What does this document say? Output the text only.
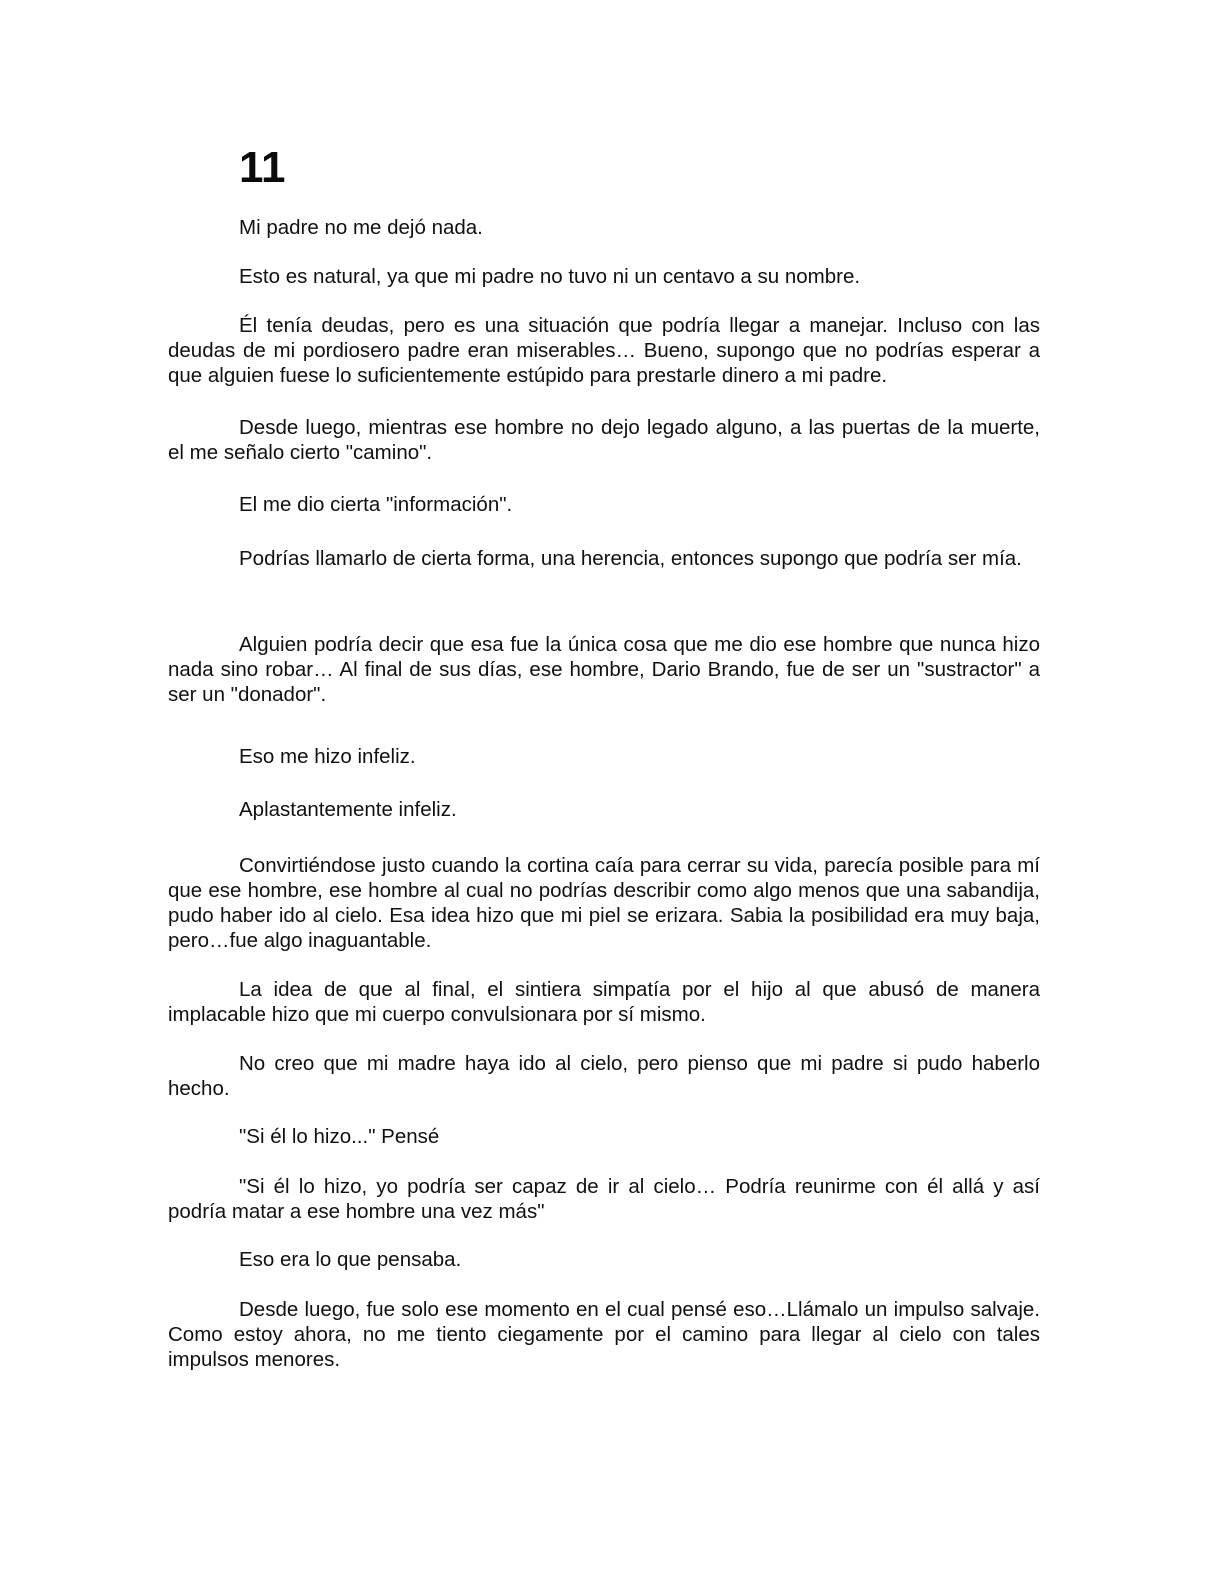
11

Mi padre no me dejó nada.

Esto es natural, ya que mi padre no tuvo ni un centavo a su nombre.

Él tenía deudas, pero es una situación que podría llegar a manejar. Incluso con las deudas de mi pordiosero padre eran miserables… Bueno, supongo que no podrías esperar a que alguien fuese lo suficientemente estúpido para prestarle dinero a mi padre.

Desde luego, mientras ese hombre no dejo legado alguno, a las puertas de la muerte, el me señalo cierto "camino".

El me dio cierta "información".

Podrías llamarlo de cierta forma, una herencia, entonces supongo que podría ser mía.

Alguien podría decir que esa fue la única cosa que me dio ese hombre que nunca hizo nada sino robar… Al final de sus días, ese hombre, Dario Brando, fue de ser un "sustractor" a ser un "donador".

Eso me hizo infeliz.

Aplastantemente infeliz.

Convirtiéndose justo cuando la cortina caía para cerrar su vida, parecía posible para mí que ese hombre, ese hombre al cual no podrías describir como algo menos que una sabandija, pudo haber ido al cielo. Esa idea hizo que mi piel se erizara. Sabia la posibilidad era muy baja, pero…fue algo inaguantable.

La idea de que al final, el sintiera simpatía por el hijo al que abusó de manera implacable hizo que mi cuerpo convulsionara por sí mismo.

No creo que mi madre haya ido al cielo, pero pienso que mi padre si pudo haberlo hecho.

"Si él lo hizo..." Pensé

"Si él lo hizo, yo podría ser capaz de ir al cielo… Podría reunirme con él allá y así podría matar a ese hombre una vez más"

Eso era lo que pensaba.

Desde luego, fue solo ese momento en el cual pensé eso…Llámalo un impulso salvaje. Como estoy ahora, no me tiento ciegamente por el camino para llegar al cielo con tales impulsos menores.
